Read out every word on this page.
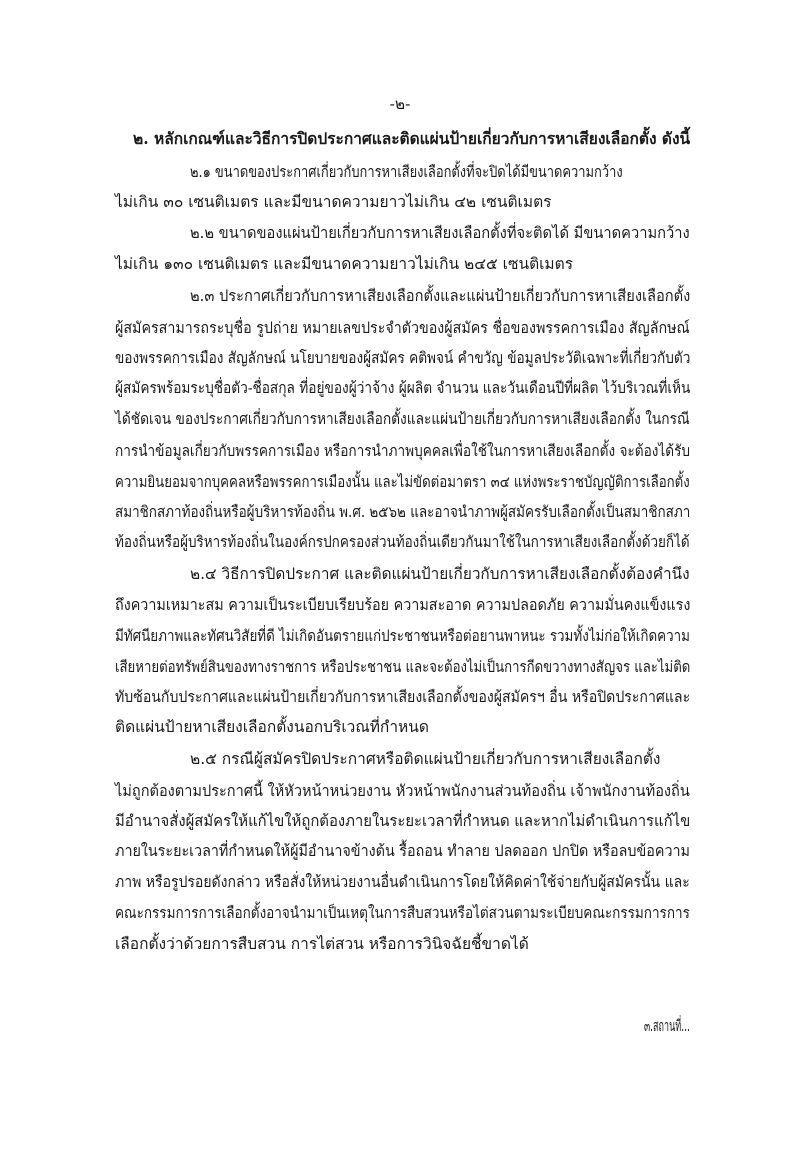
-๒-
๒. หลักเกณฑ์และวิธีการปิดประกาศและติดแผ่นป้ายเกี่ยวกับการหาเสียงเลือกตั้ง ดังนี้
๒.๑ ขนาดของประกาศเกี่ยวกับการหาเสียงเลือกตั้งที่จะปิดได้มีขนาดความกว้าง
ไม่เกิน ๓๐ เซนติเมตร และมีขนาดความยาวไม่เกิน ๔๒ เซนติเมตร
๒.๒ ขนาดของแผ่นป้ายเกี่ยวกับการหาเสียงเลือกตั้งที่จะติดได้ มีขนาดความกว้าง
ไม่เกิน ๑๓๐ เซนติเมตร และมีขนาดความยาวไม่เกิน ๒๔๕ เซนติเมตร
๒.๓ ประกาศเกี่ยวกับการหาเสียงเลือกตั้งและแผ่นป้ายเกี่ยวกับการหาเสียงเลือกตั้ง
ผู้สมัครสามารถระบุชื่อ รูปถ่าย หมายเลขประจำตัวของผู้สมัคร ชื่อของพรรคการเมือง สัญลักษณ์
ของพรรคการเมือง สัญลักษณ์ นโยบายของผู้สมัคร คติพจน์ คำขวัญ ข้อมูลประวัติเฉพาะที่เกี่ยวกับตัว
ผู้สมัครพร้อมระบุชื่อตัว-ชื่อสกุล ที่อยู่ของผู้ว่าจ้าง ผู้ผลิต จำนวน และวันเดือนปีที่ผลิต ไว้บริเวณที่เห็น
ได้ชัดเจน ของประกาศเกี่ยวกับการหาเสียงเลือกตั้งและแผ่นป้ายเกี่ยวกับการหาเสียงเลือกตั้ง ในกรณี
การนำข้อมูลเกี่ยวกับพรรคการเมือง หรือการนำภาพบุคคลเพื่อใช้ในการหาเสียงเลือกตั้ง จะต้องได้รับ
ความยินยอมจากบุคคลหรือพรรคการเมืองนั้น และไม่ขัดต่อมาตรา ๓๔ แห่งพระราชบัญญัติการเลือกตั้ง
สมาชิกสภาท้องถิ่นหรือผู้บริหารท้องถิ่น พ.ศ. ๒๕๖๒ และอาจนำภาพผู้สมัครรับเลือกตั้งเป็นสมาชิกสภา
ท้องถิ่นหรือผู้บริหารท้องถิ่นในองค์กรปกครองส่วนท้องถิ่นเดียวกันมาใช้ในการหาเสียงเลือกตั้งด้วยก็ได้
๒.๔ วิธีการปิดประกาศ และติดแผ่นป้ายเกี่ยวกับการหาเสียงเลือกตั้งต้องคำนึง
ถึงความเหมาะสม ความเป็นระเบียบเรียบร้อย ความสะอาด ความปลอดภัย ความมั่นคงแข็งแรง
มีทัศนียภาพและทัศนวิสัยที่ดี ไม่เกิดอันตรายแก่ประชาชนหรือต่อยานพาหนะ รวมทั้งไม่ก่อให้เกิดความ
เสียหายต่อทรัพย์สินของทางราชการ หรือประชาชน และจะต้องไม่เป็นการกีดขวางทางสัญจร และไม่ติด
ทับซ้อนกับประกาศและแผ่นป้ายเกี่ยวกับการหาเสียงเลือกตั้งของผู้สมัครฯ อื่น หรือปิดประกาศและ
ติดแผ่นป้ายหาเสียงเลือกตั้งนอกบริเวณที่กำหนด
๒.๕ กรณีผู้สมัครปิดประกาศหรือติดแผ่นป้ายเกี่ยวกับการหาเสียงเลือกตั้ง
ไม่ถูกต้องตามประกาศนี้ ให้หัวหน้าหน่วยงาน หัวหน้าพนักงานส่วนท้องถิ่น เจ้าพนักงานท้องถิ่น
มีอำนาจสั่งผู้สมัครให้แก้ไขให้ถูกต้องภายในระยะเวลาที่กำหนด และหากไม่ดำเนินการแก้ไข
ภายในระยะเวลาที่กำหนดให้ผู้มีอำนาจข้างต้น รื้อถอน ทำลาย ปลดออก ปกปิด หรือลบข้อความ
ภาพ หรือรูปรอยดังกล่าว หรือสั่งให้หน่วยงานอื่นดำเนินการโดยให้คิดค่าใช้จ่ายกับผู้สมัครนั้น และ
คณะกรรมการการเลือกตั้งอาจนำมาเป็นเหตุในการสืบสวนหรือไต่สวนตามระเบียบคณะกรรมการการ
เลือกตั้งว่าด้วยการสืบสวน การไต่สวน หรือการวินิจฉัยชี้ขาดได้
๓.สถานที่...
